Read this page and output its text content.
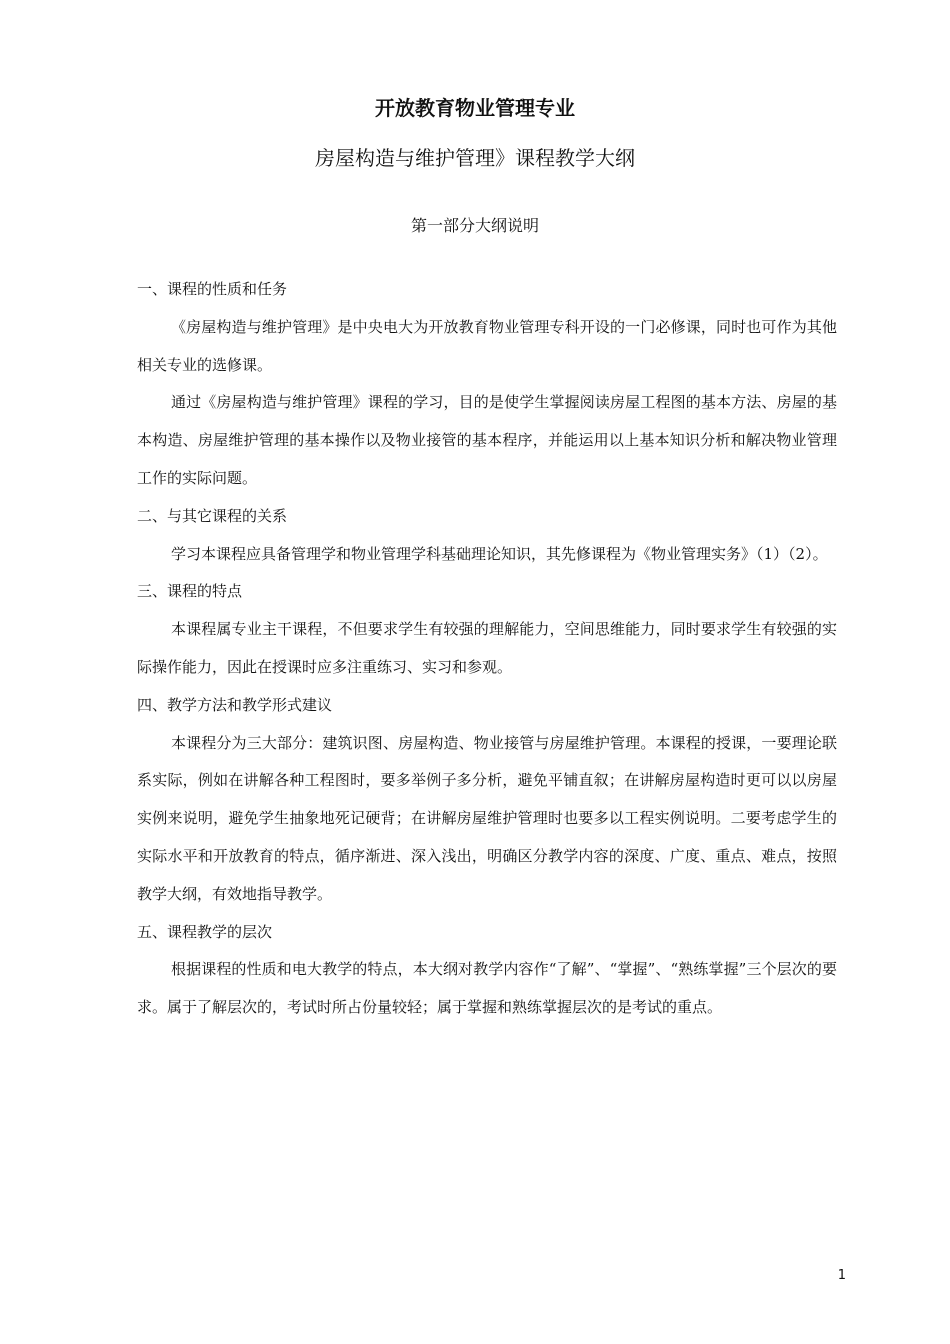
开放教育物业管理专业
房屋构造与维护管理》课程教学大纲
第一部分大纲说明

一、课程的性质和任务

《房屋构造与维护管理》是中央电大为开放教育物业管理专科开设的一门必修课，同时也可作为其他相关专业的选修课。

通过《房屋构造与维护管理》课程的学习，目的是使学生掌握阅读房屋工程图的基本方法、房屋的基本构造、房屋维护管理的基本操作以及物业接管的基本程序，并能运用以上基本知识分析和解决物业管理工作的实际问题。

二、与其它课程的关系

学习本课程应具备管理学和物业管理学科基础理论知识，其先修课程为《物业管理实务》（1）（2）。

三、课程的特点

本课程属专业主干课程，不但要求学生有较强的理解能力，空间思维能力，同时要求学生有较强的实际操作能力，因此在授课时应多注重练习、实习和参观。

四、教学方法和教学形式建议

本课程分为三大部分：建筑识图、房屋构造、物业接管与房屋维护管理。本课程的授课，一要理论联系实际，例如在讲解各种工程图时，要多举例子多分析，避免平铺直叙；在讲解房屋构造时更可以以房屋实例来说明，避免学生抽象地死记硬背；在讲解房屋维护管理时也要多以工程实例说明。二要考虑学生的实际水平和开放教育的特点，循序渐进、深入浅出，明确区分教学内容的深度、广度、重点、难点，按照教学大纲，有效地指导教学。

五、课程教学的层次

根据课程的性质和电大教学的特点，本大纲对教学内容作“了解”、“掌握”、“熟练掌握”三个层次的要求。属于了解层次的，考试时所占份量较轻；属于掌握和熟练掌握层次的是考试的重点。

1
